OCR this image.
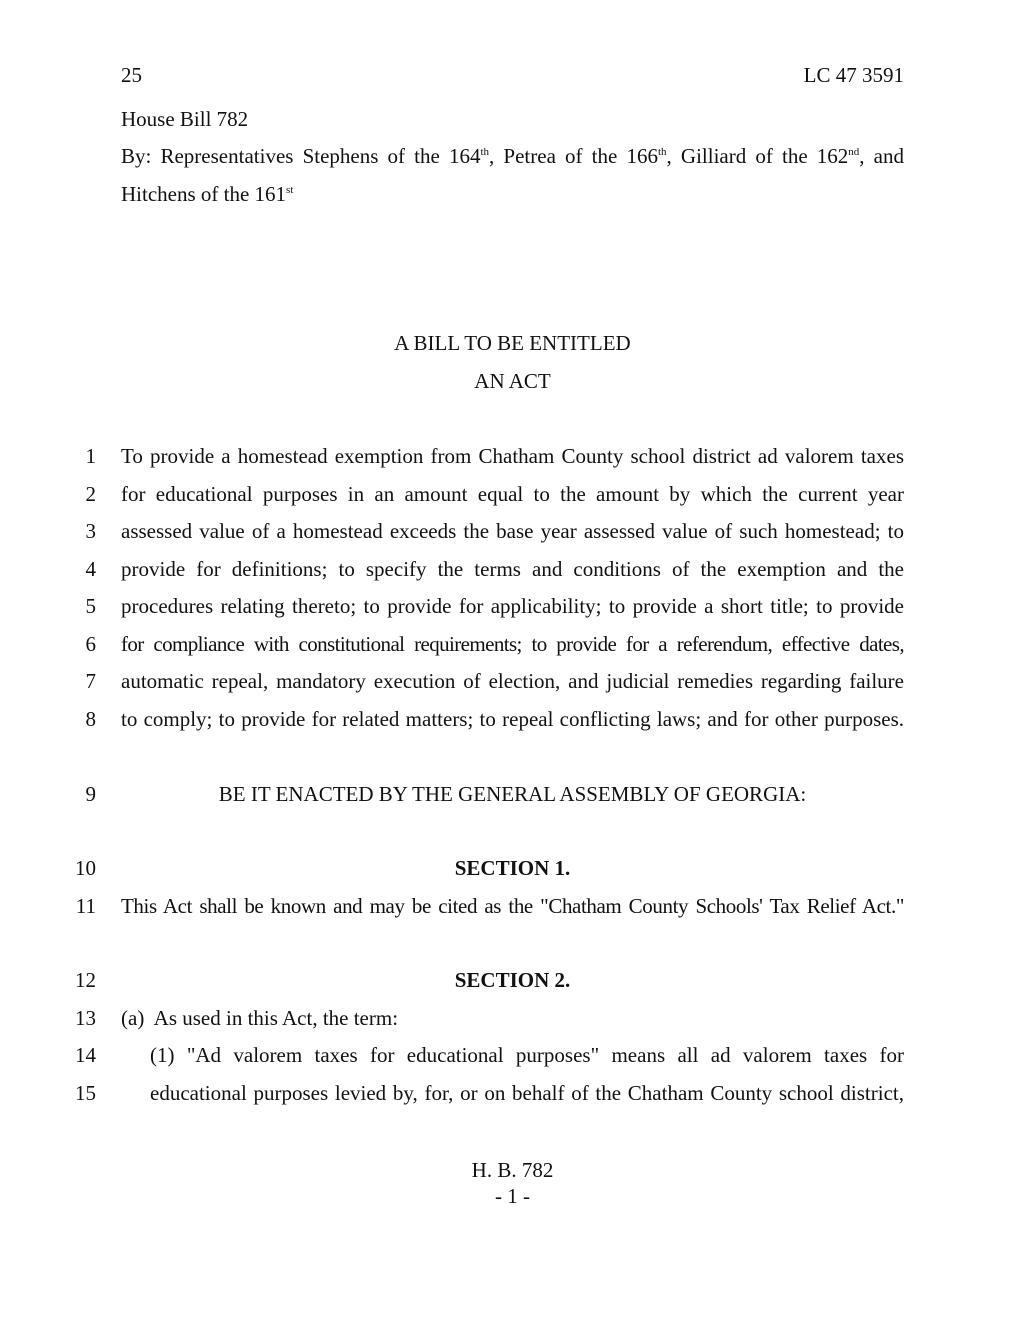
25	LC 47 3591
House Bill 782
By: Representatives Stephens of the 164th, Petrea of the 166th, Gilliard of the 162nd, and
Hitchens of the 161st
A BILL TO BE ENTITLED
AN ACT
1
2
3
4
5
6
7
8
9
10
11
12
13
14
15
To provide a homestead exemption from Chatham County school district ad valorem taxes
for educational purposes in an amount equal to the amount by which the current year
assessed value of a homestead exceeds the base year assessed value of such homestead; to
provide for definitions; to specify the terms and conditions of the exemption and the
procedures relating thereto; to provide for applicability; to provide a short title; to provide
for compliance with constitutional requirements; to provide for a referendum, effective dates,
automatic repeal, mandatory execution of election, and judicial remedies regarding failure
to comply; to provide for related matters; to repeal conflicting laws; and for other purposes.
BE IT ENACTED BY THE GENERAL ASSEMBLY OF GEORGIA:
SECTION 1.
This Act shall be known and may be cited as the "Chatham County Schools' Tax Relief Act."
SECTION 2.
(a)  As used in this Act, the term:
(1) "Ad valorem taxes for educational purposes" means all ad valorem taxes for
educational purposes levied by, for, or on behalf of the Chatham County school district,
H. B. 782
- 1 -
